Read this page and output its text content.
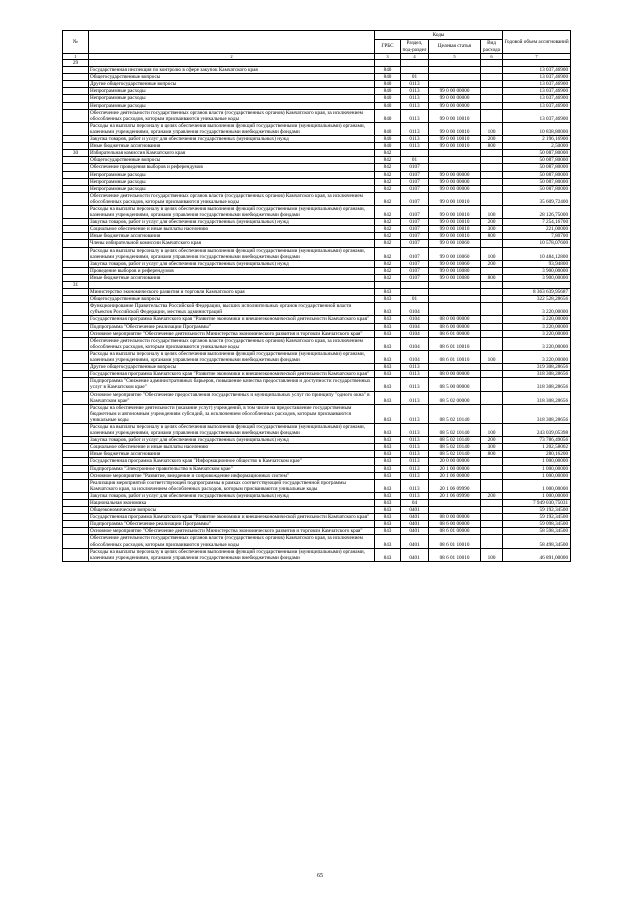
№		Коды				Годовой объем ассигнований
		ГРБС	Раздел, под-раздел	Целевая статья	Вид расхода	
1	2	3	4	5	6	7
29						
	Государственная инспекция по контролю в сфере закупок Камчатского края	840				13 037,46900
	Общегосударственные вопросы	840	01			13 037,46900
	Другие общегосударственные вопросы	840	0113			13 037,46900
	Непрограммные расходы	840	0113	99 0 00 00000		13 037,46900
	Непрограммные расходы	840	0113	99 0 00 00000		13 037,46900
	Непрограммные расходы	840	0113	99 0 00 00000		13 037,46900
	Обеспечение деятельности государственных органов власти (государственных органов) Камчатского края, за исключением обособленных расходов, которым присваиваются уникальные коды	840	0113	99 0 00 10010		13 037,46900
	Расходы на выплаты персоналу в целях обеспечения выполнения функций государственными (муниципальными) органами, казенными учреждениями, органами управления государственными внебюджетными фондами	840	0113	99 0 00 10010	100	10 838,80000
	Закупка товаров, работ и услуг для обеспечения государственных (муниципальных) нужд	840	0113	99 0 00 10010	200	2 196,16900
	Иные бюджетные ассигнования	840	0113	99 0 00 10010	800	2,50000
30	Избирательная комиссия Камчатского края	842				50 087,80000
	Общегосударственные вопросы	842	01			50 087,80000
	Обеспечение проведения выборов и референдумов	842	0107			50 087,80000
	Непрограммные расходы	842	0107	99 0 00 00000		50 087,80000
	Непрограммные расходы	842	0107	99 0 00 00000		50 087,80000
	Непрограммные расходы	842	0107	99 0 00 00000		50 087,80000
	Обеспечение деятельности государственных органов власти (государственных органов) Камчатского края, за исключением обособленных расходов, которым присваиваются уникальные коды	842	0107	99 0 00 10010		35 609,72400
	Расходы на выплаты персоналу в целях обеспечения выполнения функций государственными (муниципальными) органами, казенными учреждениями, органами управления государственными внебюджетными фондами	842	0107	99 0 00 10010	100	28 126,75000
	Закупка товаров, работ и услуг для обеспечения государственных (муниципальных) нужд	842	0107	99 0 00 10010	200	7 254,16700
	Социальное обеспечение и иные выплаты населению	842	0107	99 0 00 10010	300	221,00000
	Иные бюджетные ассигнования	842	0107	99 0 00 10010	800	7,80700
	Члены избирательной комиссии Камчатского края	842	0107	99 0 00 10060		10 578,07600
	Расходы на выплаты персоналу в целях обеспечения выполнения функций государственными (муниципальными) органами, казенными учреждениями, органами управления государственными внебюджетными фондами	842	0107	99 0 00 10060	100	10 484,12800
	Закупка товаров, работ и услуг для обеспечения государственных (муниципальных) нужд	842	0107	99 0 00 10060	200	93,94800
	Проведение выборов и референдумов	842	0107	99 0 00 10080		3 900,00000
	Иные бюджетные ассигнования	842	0107	99 0 00 10080	800	3 900,00000
31						
	Министерство экономического развития и торговли Камчатского края	843				8 363 639,95687
	Общегосударственные вопросы	843	01			322 528,28656
	Функционирование Правительства Российской Федерации, высших исполнительных органов государственной власти субъектов Российской Федерации, местных администраций	843	0104			3 220,00000
	Государственная программа Камчатского края "Развитие экономики и внешнеэкономической деятельности Камчатского края"	843	0104	08 0 00 00000		3 220,00000
	Подпрограмма "Обеспечение реализации Программы"	843	0104	08 6 00 00000		3 220,00000
	Основное мероприятие "Обеспечение деятельности Министерства экономического развития и торговли Камчатского края"	843	0104	08 6 01 00000		3 220,00000
	Обеспечение деятельности государственных органов власти (государственных органов) Камчатского края, за исключением обособленных расходов, которым присваиваются уникальные коды	843	0104	08 6 01 10010		3 220,00000
	Расходы на выплаты персоналу в целях обеспечения выполнения функций государственными (муниципальными) органами, казенными учреждениями, органами управления государственными внебюджетными фондами	843	0104	08 6 01 10010	100	3 220,00000
	Другие общегосударственные вопросы	843	0113			319 308,28656
	Государственная программа Камчатского края "Развитие экономики и внешнеэкономической деятельности Камчатского края"	843	0113	08 0 00 00000		318 308,28656
	Подпрограмма "Снижение административных барьеров, повышение качества предоставления и доступности государственных услуг в Камчатском крае"	843	0113	08 5 00 00000		318 308,28656
	Основное мероприятие "Обеспечение предоставления государственных и муниципальных услуг по принципу "одного окна" в Камчатском крае"	843	0113	08 5 02 00000		318 308,28656
	Расходы на обеспечение деятельности (оказание услуг) учреждений, в том числе на предоставление государственным бюджетным и автономным учреждениям субсидий, за исключением обособленных расходов, которым присваиваются уникальные коды	843	0113	08 5 02 10140		318 308,28656
	Расходы на выплаты персоналу в целях обеспечения выполнения функций государственными (муниципальными) органами, казенными учреждениями, органами управления государственными внебюджетными фондами	843	0113	08 5 02 10140	100	243 039,05398
	Закупка товаров, работ и услуг для обеспечения государственных (муниципальных) нужд	843	0113	08 5 02 10140	200	73 786,49056
	Социальное обеспечение и иные выплаты населению	843	0113	08 5 02 10140	300	1 202,58002
	Иные бюджетные ассигнования	843	0113	08 5 02 10140	800	280,16200
	Государственная программа Камчатского края "Информационное общество в Камчатском крае"	843	0113	20 0 00 00000		1 000,00000
	Подпрограмма "Электронное правительство в Камчатском крае"	843	0113	20 1 00 00000		1 000,00000
	Основное мероприятие "Развитие, внедрение и сопровождение информационных систем"	843	0113	20 1 06 00000		1 000,00000
	Реализация мероприятий соответствующей подпрограммы в рамках соответствующей государственной программы Камчатского края, за исключением обособленных расходов, которым присваиваются уникальные коды	843	0113	20 1 06 09990		1 000,00000
	Закупка товаров, работ и услуг для обеспечения государственных (муниципальных) нужд	843	0113	20 1 06 09990	200	1 000,00000
	Национальная экономика	843	04			7 949 030,75031
	Общеэкономические вопросы	843	0401			59 192,34500
	Государственная программа Камчатского края "Развитие экономики и внешнеэкономической деятельности Камчатского края"	843	0401	08 0 00 00000		59 192,34500
	Подпрограмма "Обеспечение реализации Программы"	843	0401	08 6 00 00000		59 098,34500
	Основное мероприятие "Обеспечение деятельности Министерства экономического развития и торговли Камчатского края"	843	0401	08 6 01 00000		58 598,34500
	Обеспечение деятельности государственных органов власти (государственных органов) Камчатского края, за исключением обособленных расходов, которым присваиваются уникальные коды	843	0401	08 6 01 10010		58 498,34500
	Расходы на выплаты персоналу в целях обеспечения выполнения функций государственными (муниципальными) органами, казенными учреждениями, органами управления государственными внебюджетными фондами	843	0401	08 6 01 10010	100	46 891,00000
65
